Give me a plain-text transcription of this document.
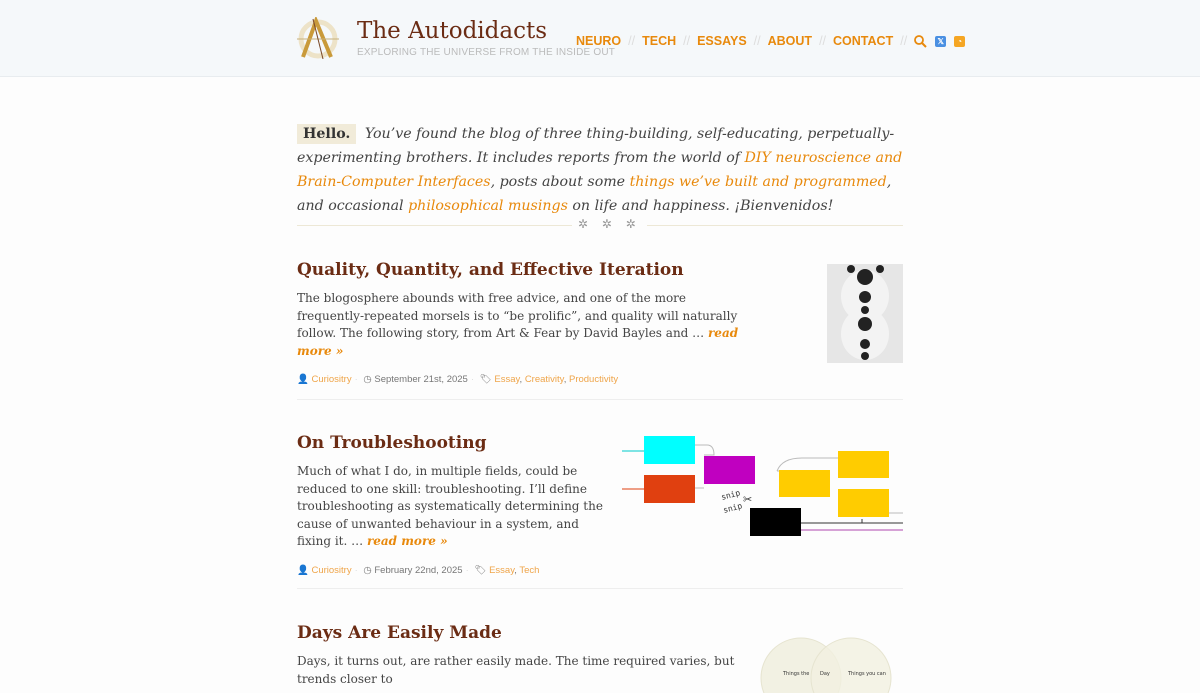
The Autodidacts
EXPLORING THE UNIVERSE FROM THE INSIDE OUT
NEURO // TECH // ESSAYS // ABOUT // CONTACT //	𝕏	◔
Hello. You’ve found the blog of three thing-building, self-educating, perpetually-experimenting brothers. It includes reports from the world of DIY neuroscience and Brain-Computer Interfaces, posts about some things we’ve built and programmed, and occasional philosophical musings on life and happiness. ¡Bienvenidos!
✲ ✲ ✲
Quality, Quantity, and Effective Iteration
The blogosphere abounds with free advice, and one of the more frequently-repeated morsels is to “be prolific”, and quality will naturally follow. The following story, from Art & Fear by David Bayles and … read more »
👤 Curiositry · ◷ September 21st, 2025 · 🏷 Essay, Creativity, Productivity
On Troubleshooting
Much of what I do, in multiple fields, could be reduced to one skill: troubleshooting. I’ll define troubleshooting as systematically determining the cause of unwanted behaviour in a system, and fixing it. … read more »
👤 Curiositry · ◷ February 22nd, 2025 · 🏷 Essay, Tech
snip
snip
✂
Days Are Easily Made
Days, it turns out, are rather easily made. The time required varies, but trends closer to	Things the Day	Things you can
